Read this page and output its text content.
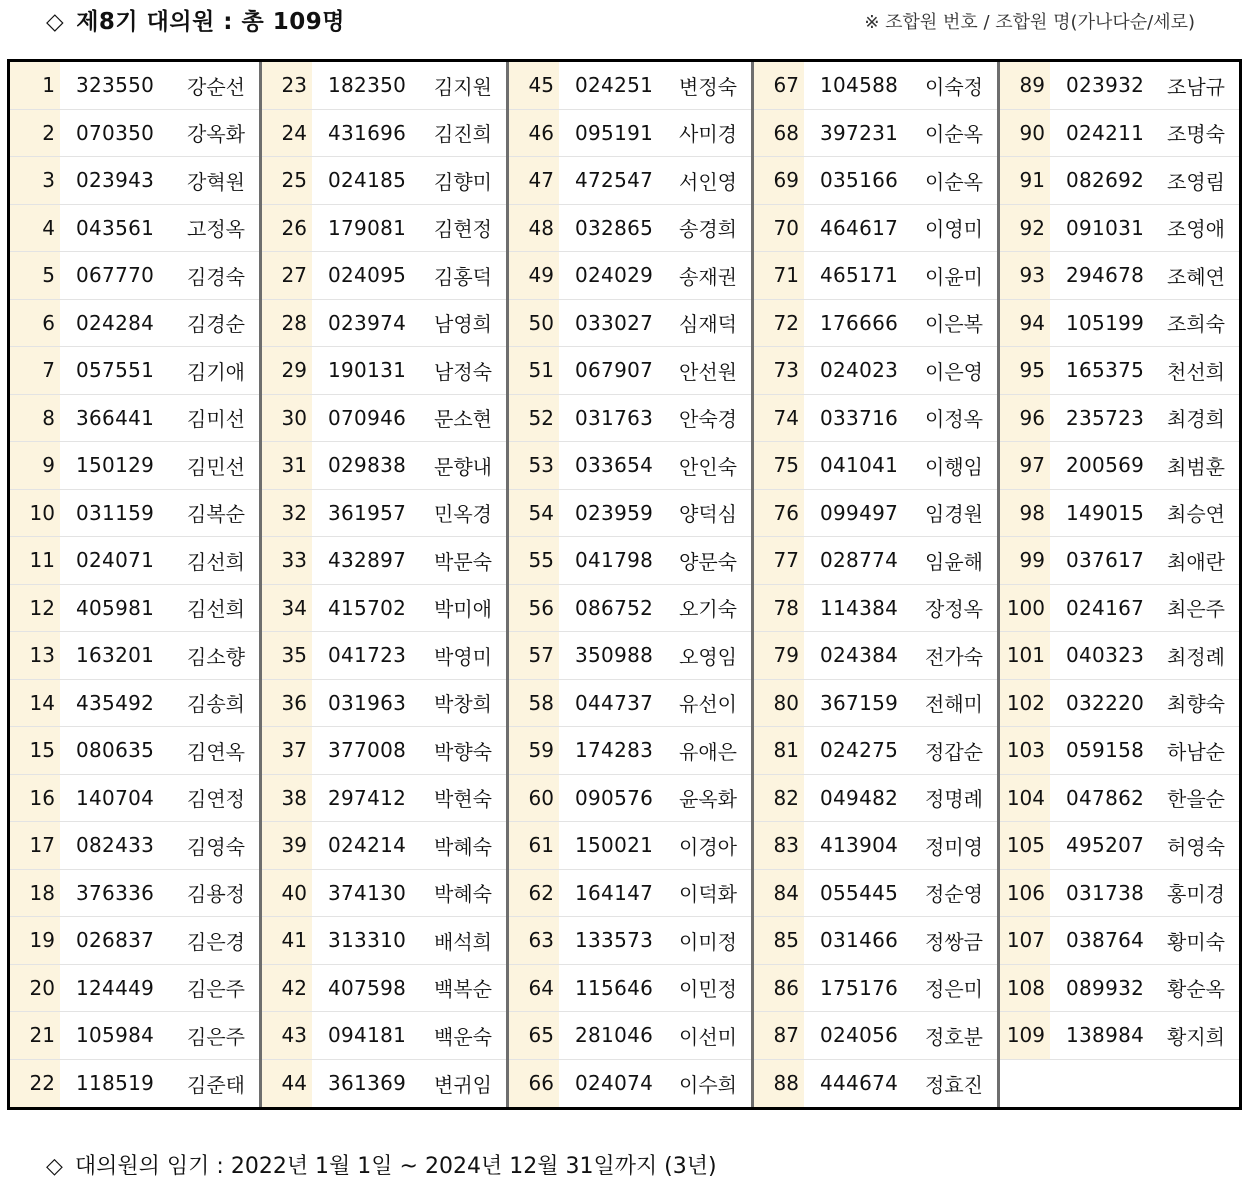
◇ 제8기 대의원 : 총 109명	※ 조합원 번호 / 조합원 명(가나다순/세로)
1	323550	강순선
2	070350	강옥화
3	023943	강혁원
4	043561	고정옥
5	067770	김경숙
6	024284	김경순
7	057551	김기애
8	366441	김미선
9	150129	김민선
10	031159	김복순
11	024071	김선희
12	405981	김선희
13	163201	김소향
14	435492	김송희
15	080635	김연옥
16	140704	김연정
17	082433	김영숙
18	376336	김용정
19	026837	김은경
20	124449	김은주
21	105984	김은주
22	118519	김준태
23	182350	김지원
24	431696	김진희
25	024185	김향미
26	179081	김현정
27	024095	김홍덕
28	023974	남영희
29	190131	남정숙
30	070946	문소현
31	029838	문향내
32	361957	민옥경
33	432897	박문숙
34	415702	박미애
35	041723	박영미
36	031963	박창희
37	377008	박향숙
38	297412	박현숙
39	024214	박혜숙
40	374130	박혜숙
41	313310	배석희
42	407598	백복순
43	094181	백운숙
44	361369	변귀임
45	024251	변정숙
46	095191	사미경
47	472547	서인영
48	032865	송경희
49	024029	송재권
50	033027	심재덕
51	067907	안선원
52	031763	안숙경
53	033654	안인숙
54	023959	양덕심
55	041798	양문숙
56	086752	오기숙
57	350988	오영임
58	044737	유선이
59	174283	유애은
60	090576	윤옥화
61	150021	이경아
62	164147	이덕화
63	133573	이미정
64	115646	이민정
65	281046	이선미
66	024074	이수희
67	104588	이숙정
68	397231	이순옥
69	035166	이순옥
70	464617	이영미
71	465171	이윤미
72	176666	이은복
73	024023	이은영
74	033716	이정옥
75	041041	이행임
76	099497	임경원
77	028774	임윤해
78	114384	장정옥
79	024384	전가숙
80	367159	전해미
81	024275	정갑순
82	049482	정명례
83	413904	정미영
84	055445	정순영
85	031466	정쌍금
86	175176	정은미
87	024056	정호분
88	444674	정효진
89	023932	조남규
90	024211	조명숙
91	082692	조영림
92	091031	조영애
93	294678	조혜연
94	105199	조희숙
95	165375	천선희
96	235723	최경희
97	200569	최범훈
98	149015	최승연
99	037617	최애란
100	024167	최은주
101	040323	최정례
102	032220	최향숙
103	059158	하남순
104	047862	한을순
105	495207	허영숙
106	031738	홍미경
107	038764	황미숙
108	089932	황순옥
109	138984	황지희
◇ 대의원의 임기 : 2022년 1월 1일 ~ 2024년 12월 31일까지 (3년)
